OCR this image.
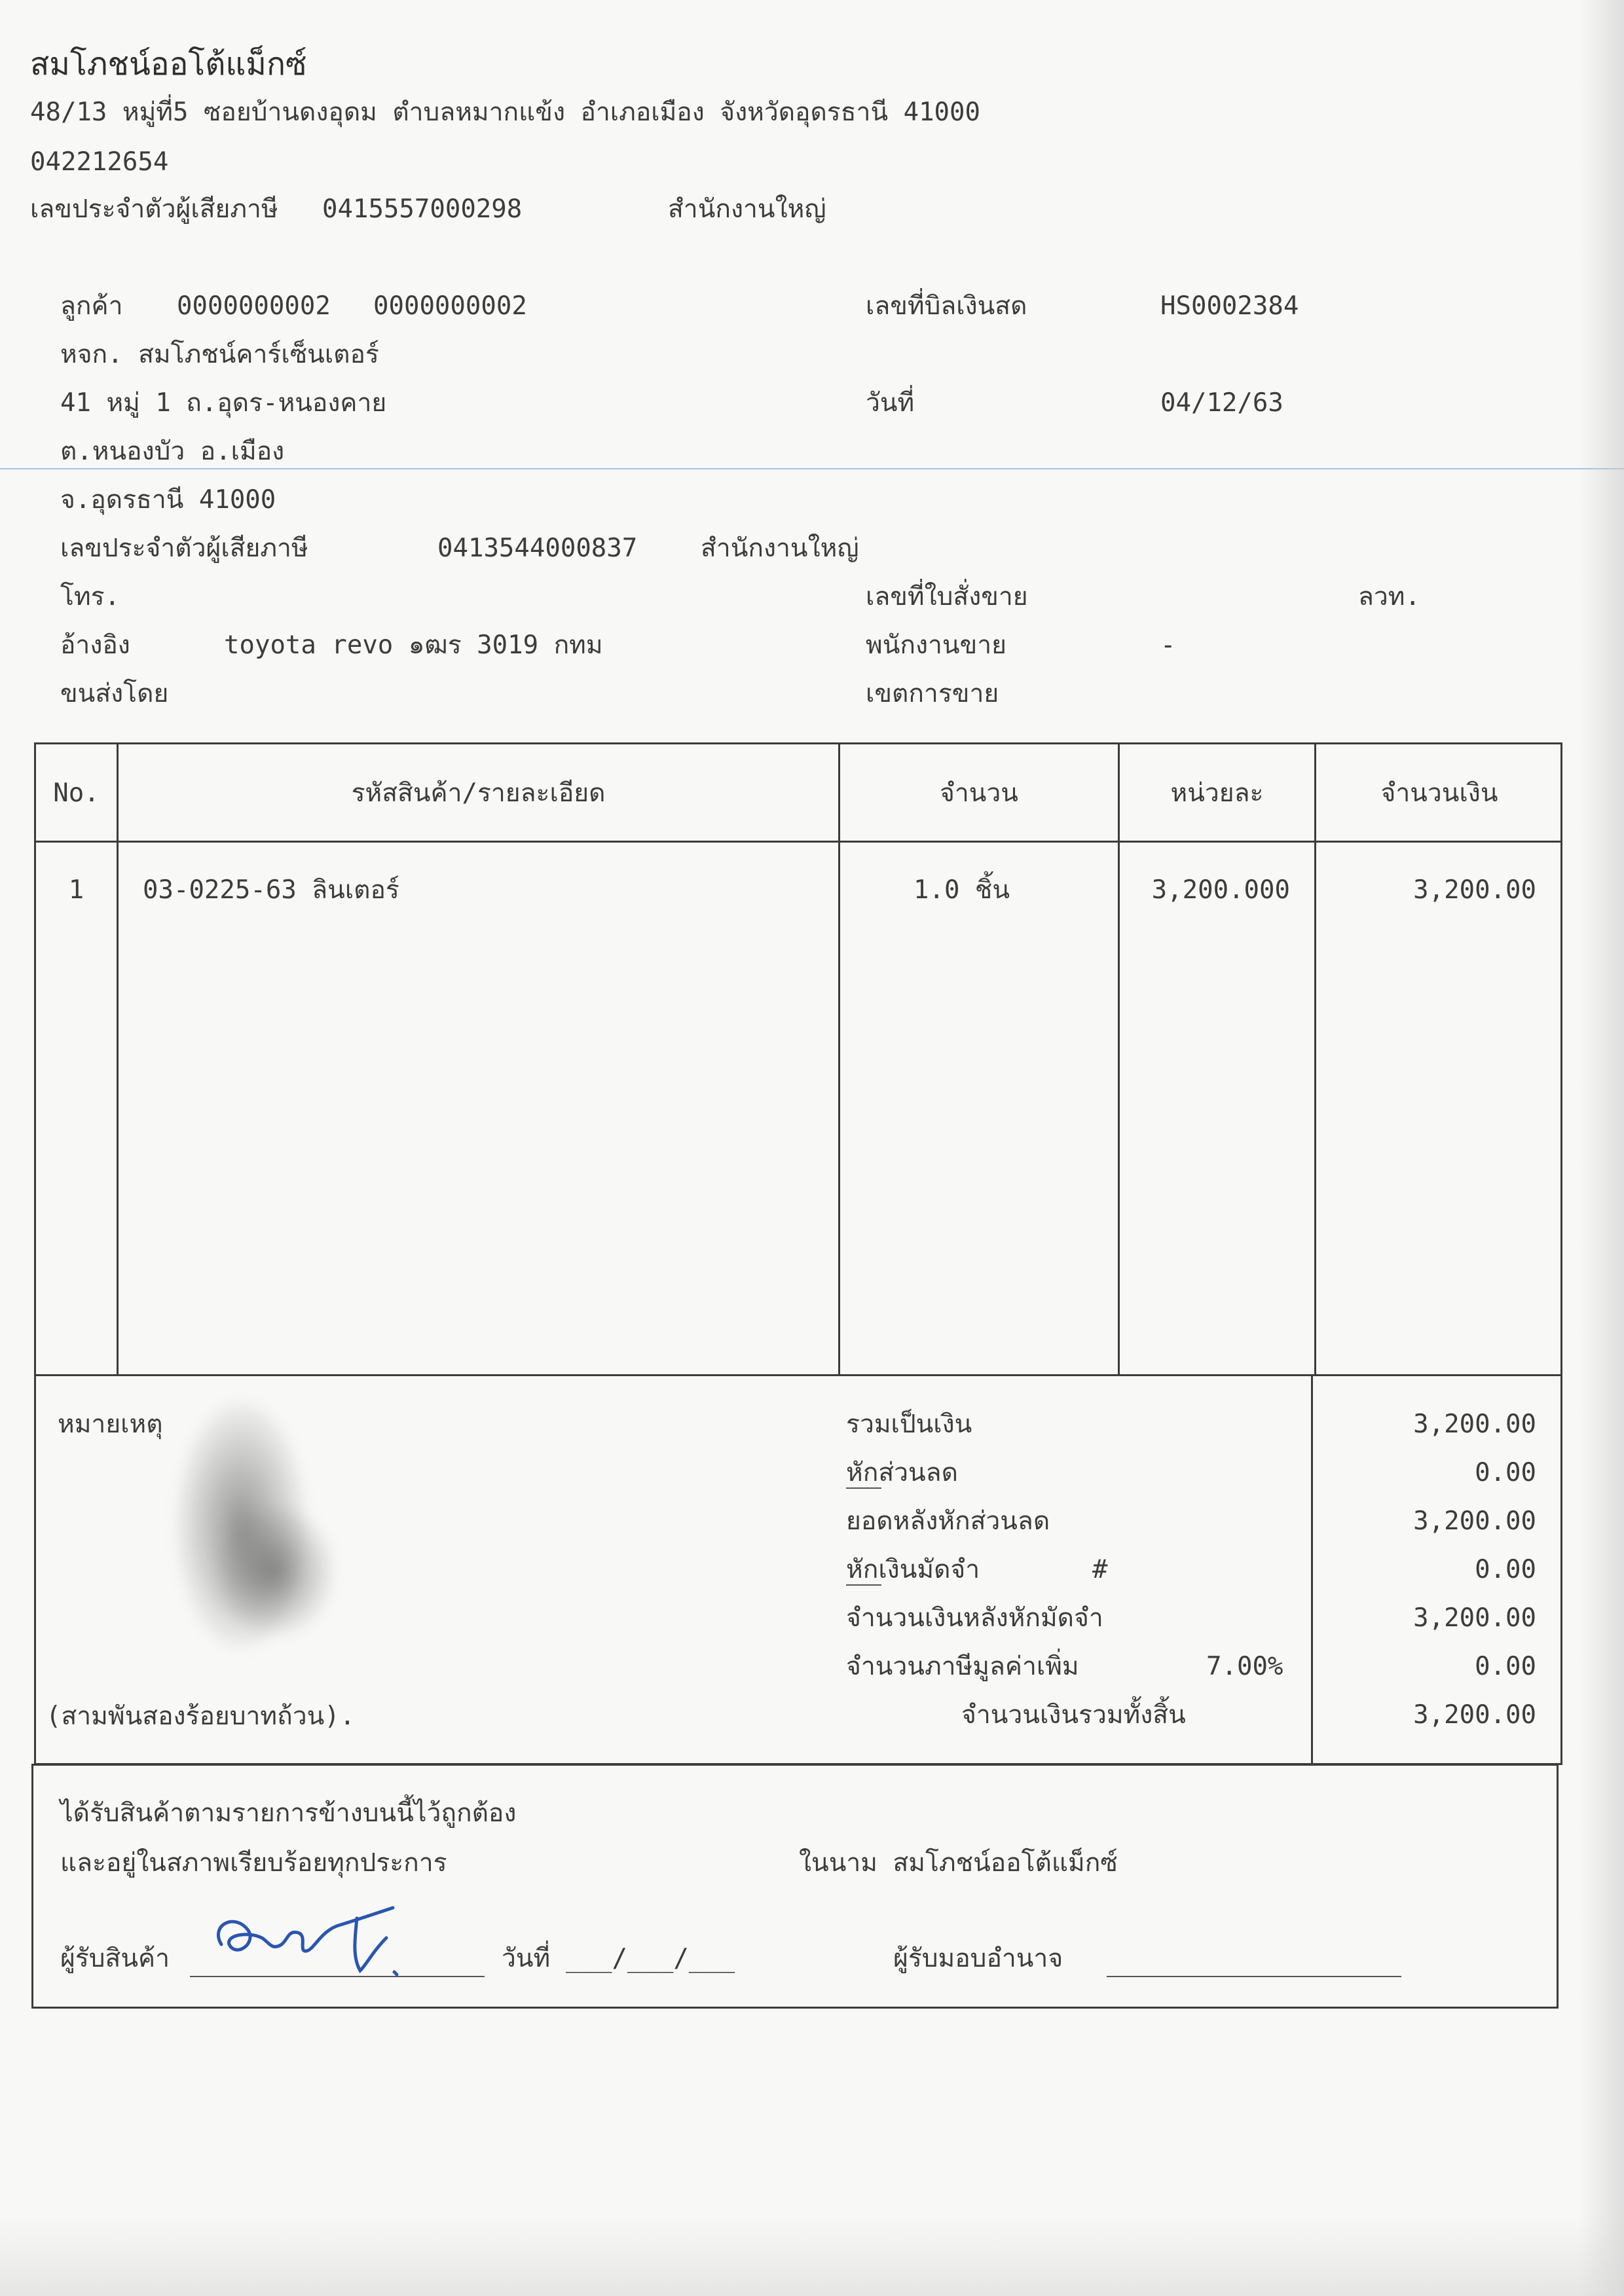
สมโภชน์ออโต้แม็กซ์
48/13 หมู่ที่5 ซอยบ้านดงอุดม ตำบลหมากแข้ง อำเภอเมือง จังหวัดอุดรธานี 41000
042212654
เลขประจำตัวผู้เสียภาษี 0415557000298	สำนักงานใหญ่
ลูกค้า 0000000002 0000000002
หจก. สมโภชน์คาร์เซ็นเตอร์
41 หมู่ 1 ถ.อุดร-หนองคาย
ต.หนองบัว อ.เมือง
จ.อุดรธานี 41000
เลขประจำตัวผู้เสียภาษี	0413544000837 สำนักงานใหญ่
โทร.
อ้างอิง	toyota revo ๑ฒร 3019 กทม
ขนส่งโดย
เลขที่บิลเงินสด	HS0002384
วันที่	04/12/63
เลขที่ใบสั่งขาย	ลวท.
พนักงานขาย	-
เขตการขาย
No.	รหัสสินค้า/รายละเอียด	จำนวน	หน่วยละ	จำนวนเงิน
1	03-0225-63 ลินเตอร์	1.0 ชิ้น	3,200.000	3,200.00
หมายเหตุ
(สามพันสองร้อยบาทถ้วน).
รวมเป็นเงิน	3,200.00
หักส่วนลด	0.00
ยอดหลังหักส่วนลด	3,200.00
หักเงินมัดจำ	#	0.00
จำนวนเงินหลังหักมัดจำ	3,200.00
จำนวนภาษีมูลค่าเพิ่ม	7.00%	0.00
จำนวนเงินรวมทั้งสิ้น	3,200.00
ได้รับสินค้าตามรายการข้างบนนี้ไว้ถูกต้อง
และอยู่ในสภาพเรียบร้อยทุกประการ	ในนาม สมโภชน์ออโต้แม็กซ์
ผู้รับสินค้า	วันที่ ___/___/___	ผู้รับมอบอำนาจ
